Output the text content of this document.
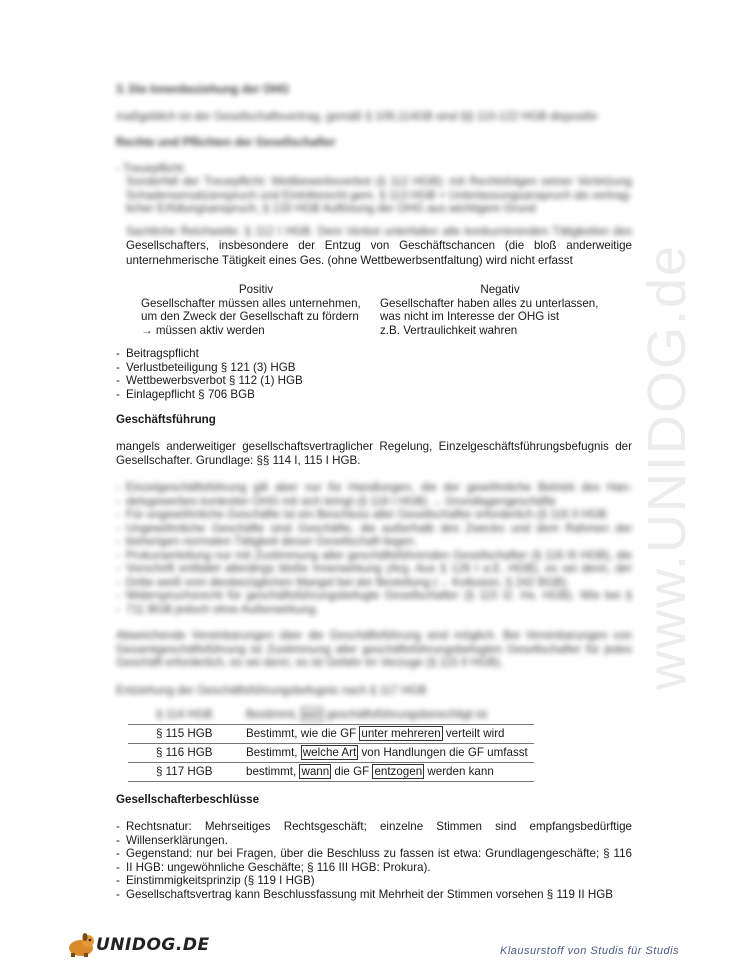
www.UNIDOG.de
3. Die Innenbeziehung der OHG
maßgeblich ist der Gesellschaftsvertrag, gemäß § 109,114GB sind §§ 110-122 HGB dispositiv
Rechte und Pflichten der Gesellschafter
- Treuepflicht.
Sonderfall der Treuepflicht: Wettbewerbsverbot (§ 112 HGB): mit Rechtsfolgen seiner Verletzung
Schadensersatzanspruch und Eintrittsrecht gem. § 113 HGB + Unterlassungsanspruch als vertrag-
licher Erfüllungsanspruch, § 133 HGB Auflösung der OHG aus wichtigem Grund
Sachliche Reichweite: § 112 I HGB. Dem Verbot unterfallen alle konkurrierenden Tätigkeiten des
Gesellschafters, insbesondere der Entzug von Geschäftschancen (die bloß anderweitige
unternehmerische Tätigkeit eines Ges. (ohne Wettbewerbsentfaltung) wird nicht erfasst
Positiv
Gesellschafter müssen alles unternehmen,
um den Zweck der Gesellschaft zu fördern
→ müssen aktiv werden
Negativ
Gesellschafter haben alles zu unterlassen,
was nicht im Interesse der OHG ist
z.B. Vertraulichkeit wahren
- Beitragspflicht
- Verlustbeteiligung § 121 (3) HGB
- Wettbewerbsverbot § 112 (1) HGB
- Einlagepflicht § 706 BGB
Geschäftsführung
mangels anderweitiger gesellschaftsvertraglicher Regelung, Einzelgeschäftsführungsbefugnis der
Gesellschafter. Grundlage: §§ 114 I, 115 I HGB.
- Einzelgeschäftsführung gilt aber nur für Handlungen, die der gewöhnliche Betrieb des Han-
- delsgewerbes konkreter OHG mit sich bringt (§ 116 I HGB) → Grundlagengeschäfte
- Für ungewöhnliche Geschäfte ist ein Beschluss aller Gesellschafter erforderlich (§ 116 II HGB
- Ungewöhnliche Geschäfte sind Geschäfte, die außerhalb des Zwecks und dem Rahmen der
- bisherigen normalen Tätigkeit dieser Gesellschaft liegen.
- Prokuraerteilung nur mit Zustimmung aller geschäftsführenden Gesellschafter (§ 116 III HGB), die
- Vorschrift entfaltet allerdings bloße Innenwirkung (Arg. Aus § 126 I a.E. HGB), es sei denn, der
- Dritte weiß vom diesbezüglichen Mangel bei der Bestellung (→ Kollusion, § 242 BGB).
- Widerspruchsrecht für geschäftsführungsbefugte Gesellschafter (§ 115 I2. Hs. HGB). Wie bei §
- 711 BGB jedoch ohne Außenwirkung.
Abweichende Vereinbarungen über die Geschäftsführung sind möglich. Bei Vereinbarungen von
Gesamtgeschäftsführung ist Zustimmung aller geschäftsführungsbefugten Gesellschafter für jedes
Geschäft erforderlich, es sei denn, es ist Gefahr im Verzuge (§ 115 II HGB).
Entziehung der Geschäftsführungsbefugnis nach § 117 HGB
§ 114 HGB	Bestimmt, wer geschäftsführungsberechtigt ist
§ 115 HGB	Bestimmt, wie die GF unter mehreren verteilt wird
§ 116 HGB	Bestimmt, welche Art von Handlungen die GF umfasst
§ 117 HGB	bestimmt, wann die GF entzogen werden kann
Gesellschafterbeschlüsse
- Rechtsnatur: Mehrseitiges Rechtsgeschäft; einzelne Stimmen sind empfangsbedürftige
- Willenserklärungen.
- Gegenstand: nur bei Fragen, über die Beschluss zu fassen ist etwa: Grundlagengeschäfte; § 116
- II HGB: ungewöhnliche Geschäfte; § 116 III HGB: Prokura).
- Einstimmigkeitsprinzip (§ 119 I HGB)
- Gesellschaftsvertrag kann Beschlussfassung mit Mehrheit der Stimmen vorsehen § 119 II HGB
UNIDOG.DE	Klausurstoff von Studis für Studis
